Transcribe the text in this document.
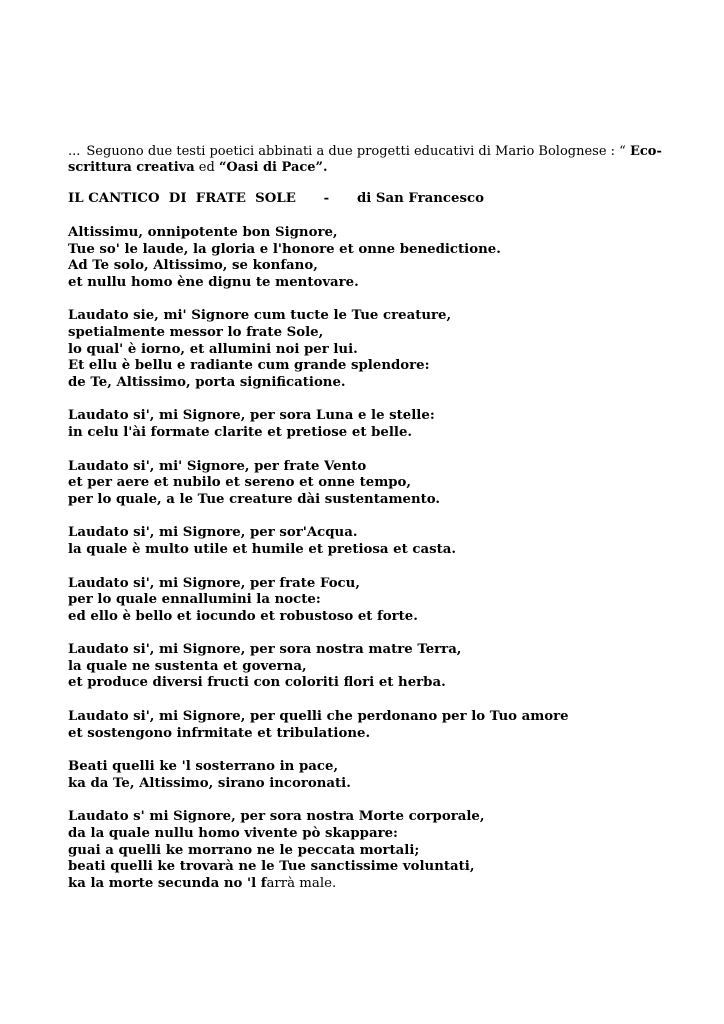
... Seguono due testi poetici abbinati a due progetti educativi di Mario Bolognese : “ Eco-
scrittura creativa ed “Oasi di Pace”.

IL CANTICO  DI  FRATE  SOLE - di San Francesco
Altissimu, onnipotente bon Signore,
Tue so' le laude, la gloria e l'honore et onne benedictione.
Ad Te solo, Altissimo, se konfano,
et nullu homo ène dignu te mentovare.
Laudato sie, mi' Signore cum tucte le Tue creature,
spetialmente messor lo frate Sole,
lo qual' è iorno, et allumini noi per lui.
Et ellu è bellu e radiante cum grande splendore:
de Te, Altissimo, porta significatione.
Laudato si', mi Signore, per sora Luna e le stelle:
in celu l'ài formate clarite et pretiose et belle.
Laudato si', mi' Signore, per frate Vento
et per aere et nubilo et sereno et onne tempo,
per lo quale, a le Tue creature dài sustentamento.
Laudato si', mi Signore, per sor'Acqua.
la quale è multo utile et humile et pretiosa et casta.
Laudato si', mi Signore, per frate Focu,
per lo quale ennallumini la nocte:
ed ello è bello et iocundo et robustoso et forte.
Laudato si', mi Signore, per sora nostra matre Terra,
la quale ne sustenta et governa,
et produce diversi fructi con coloriti flori et herba.
Laudato si', mi Signore, per quelli che perdonano per lo Tuo amore
et sostengono infrmitate et tribulatione.
Beati quelli ke 'l sosterrano in pace,
ka da Te, Altissimo, sirano incoronati.
Laudato s' mi Signore, per sora nostra Morte corporale,
da la quale nullu homo vivente pò skappare:
guai a quelli ke morrano ne le peccata mortali;
beati quelli ke trovarà ne le Tue sanctissime voluntati,
ka la morte secunda no 'l farrà male.
